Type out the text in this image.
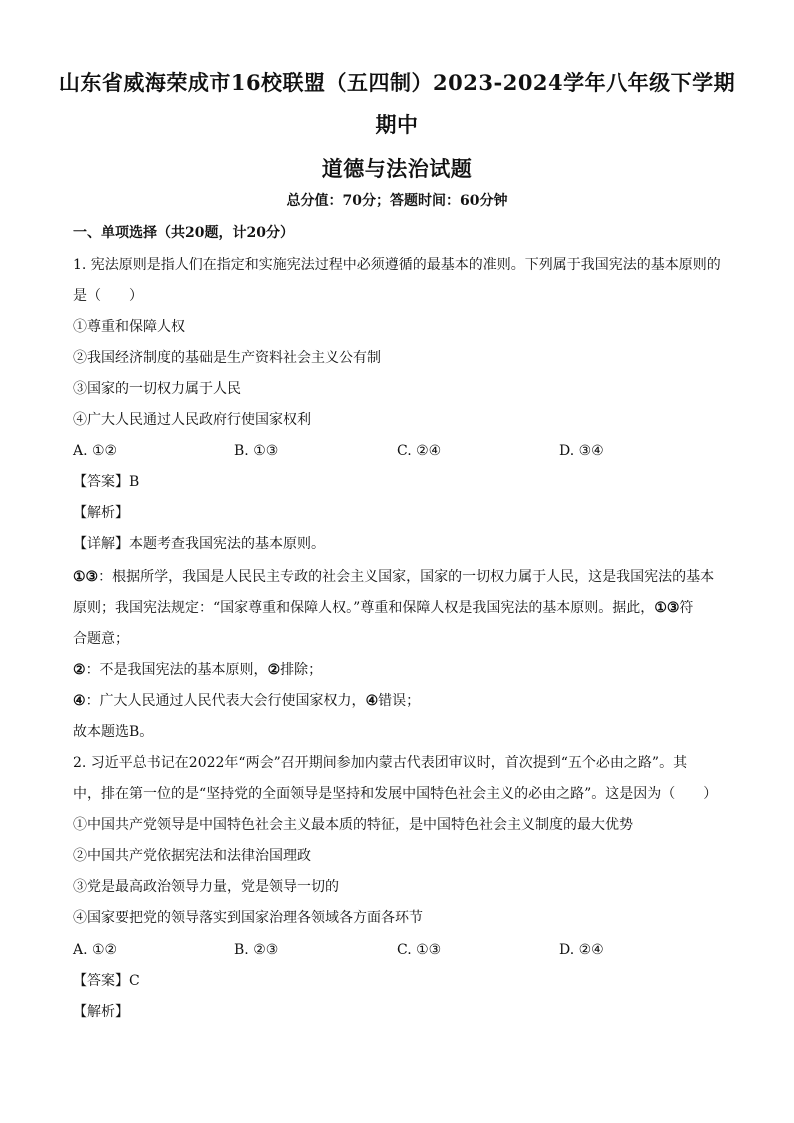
山东省威海荣成市16校联盟（五四制）2023-2024学年八年级下学期
期中
道德与法治试题
总分值：70分；答题时间：60分钟
一、单项选择（共20题，计20分）
1. 宪法原则是指人们在指定和实施宪法过程中必须遵循的最基本的准则。下列属于我国宪法的基本原则的
是（　　）
①尊重和保障人权
②我国经济制度的基础是生产资料社会主义公有制
③国家的一切权力属于人民
④广大人民通过人民政府行使国家权利
A. ①②	B. ①③	C. ②④	D. ③④
【答案】B
【解析】
【详解】本题考查我国宪法的基本原则。
①③：根据所学，我国是人民民主专政的社会主义国家，国家的一切权力属于人民，这是我国宪法的基本
原则；我国宪法规定：“国家尊重和保障人权。”尊重和保障人权是我国宪法的基本原则。据此，①③符
合题意；
②：不是我国宪法的基本原则，②排除；
④：广大人民通过人民代表大会行使国家权力，④错误；
故本题选B。
2. 习近平总书记在2022年“两会”召开期间参加内蒙古代表团审议时，首次提到“五个必由之路”。其
中，排在第一位的是“坚持党的全面领导是坚持和发展中国特色社会主义的必由之路”。这是因为（　　）
①中国共产党领导是中国特色社会主义最本质的特征，是中国特色社会主义制度的最大优势
②中国共产党依据宪法和法律治国理政
③党是最高政治领导力量，党是领导一切的
④国家要把党的领导落实到国家治理各领域各方面各环节
A. ①②	B. ②③	C. ①③	D. ②④
【答案】C
【解析】
